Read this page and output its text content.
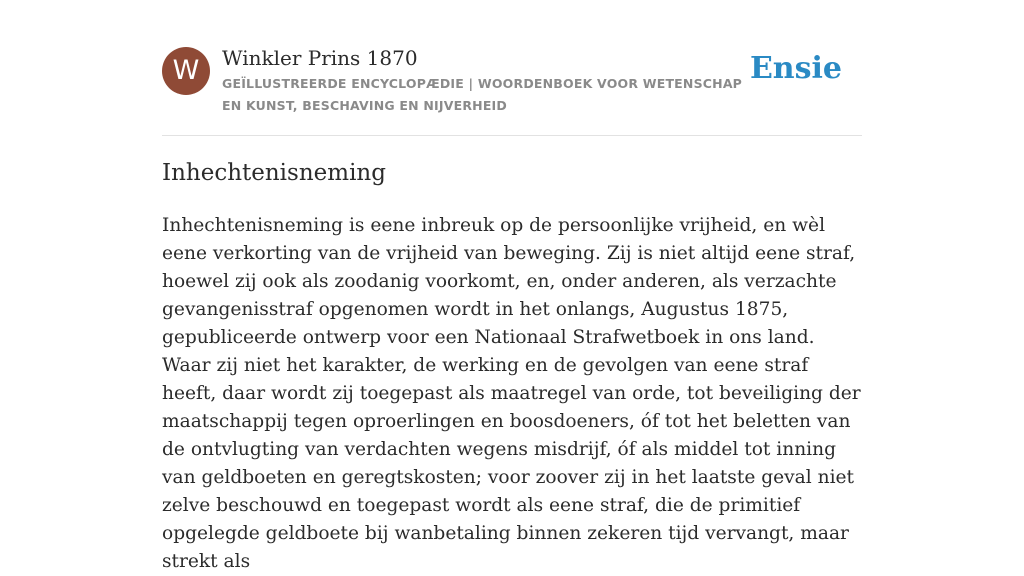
W	Winkler Prins 1870
GEÏLLUSTREERDE ENCYCLOPÆDIE | WOORDENBOEK VOOR WETENSCHAP EN KUNST, BESCHAVING EN NIJVERHEID
Ensie
Inhechtenisneming

Inhechtenisneming is eene inbreuk op de persoonlijke vrijheid, en wèl eene verkorting van de vrijheid van beweging. Zij is niet altijd eene straf, hoewel zij ook als zoodanig voorkomt, en, onder anderen, als verzachte gevangenisstraf opgenomen wordt in het onlangs, Augustus 1875, gepubliceerde ontwerp voor een Nationaal Strafwetboek in ons land. Waar zij niet het karakter, de werking en de gevolgen van eene straf heeft, daar wordt zij toegepast als maatregel van orde, tot beveiliging der maatschappij tegen oproerlingen en boosdoeners, óf tot het beletten van de ontvlugting van verdachten wegens misdrijf, óf als middel tot inning van geldboeten en geregtskosten; voor zoover zij in het laatste geval niet zelve beschouwd en toegepast wordt als eene straf, die de primitief opgelegde geldboete bij wanbetaling binnen zekeren tijd vervangt, maar strekt als
